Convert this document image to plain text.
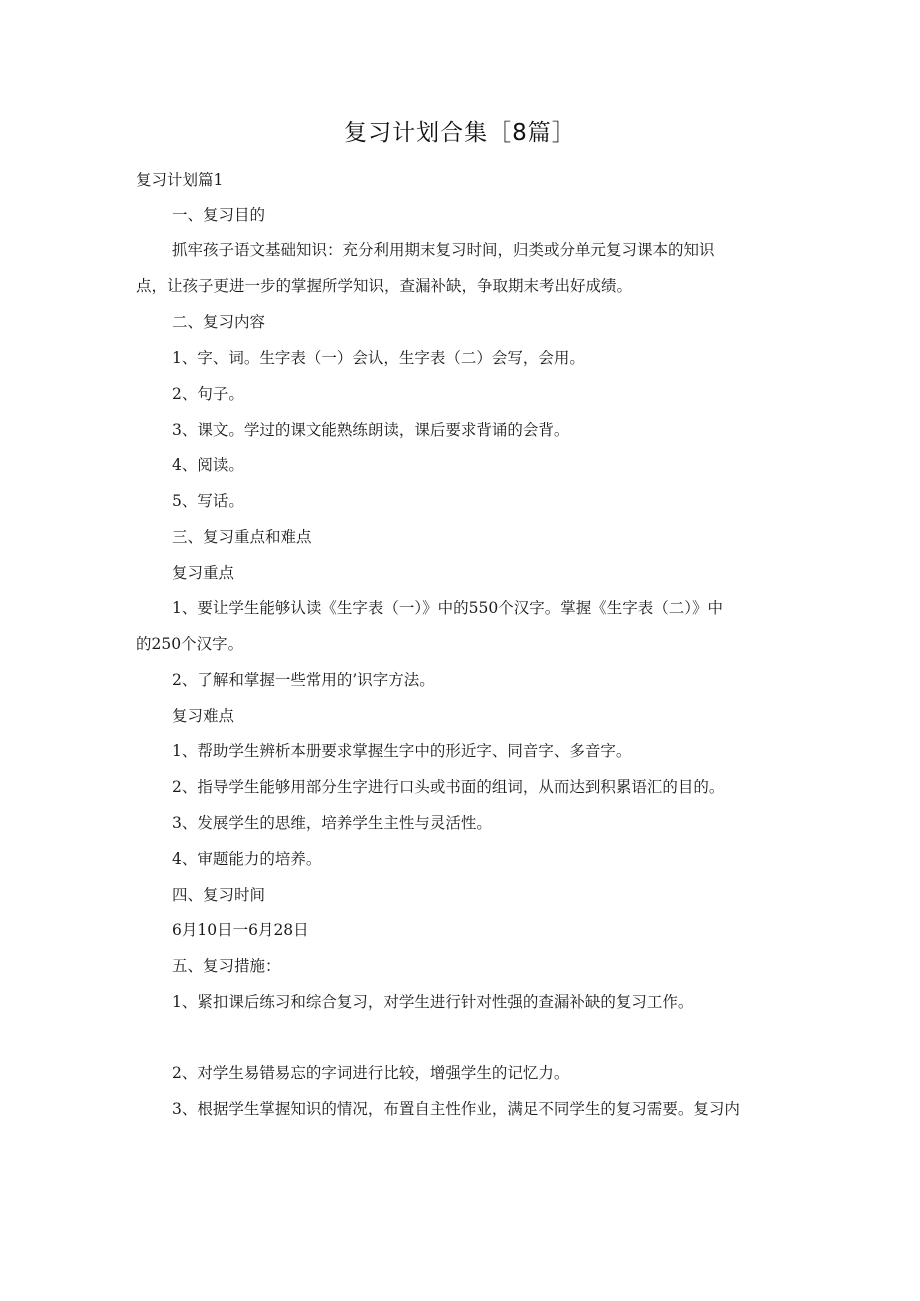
复习计划合集［8篇］
复习计划篇1
一、复习目的
抓牢孩子语文基础知识：充分利用期末复习时间，归类或分单元复习课本的知识
点，让孩子更进一步的掌握所学知识，查漏补缺，争取期末考出好成绩。
二、复习内容
1、字、词。生字表（一）会认，生字表（二）会写，会用。
2、句子。
3、课文。学过的课文能熟练朗读，课后要求背诵的会背。
4、阅读。
5、写话。
三、复习重点和难点
复习重点
1、要让学生能够认读《生字表（一）》中的550个汉字。掌握《生字表（二）》中
的250个汉字。
2、了解和掌握一些常用的’识字方法。
复习难点
1、帮助学生辨析本册要求掌握生字中的形近字、同音字、多音字。
2、指导学生能够用部分生字进行口头或书面的组词，从而达到积累语汇的目的。
3、发展学生的思维，培养学生主性与灵活性。
4、审题能力的培养。
四、复习时间
6月10日一6月28日
五、复习措施：
1、紧扣课后练习和综合复习，对学生进行针对性强的查漏补缺的复习工作。
2、对学生易错易忘的字词进行比较，增强学生的记忆力。
3、根据学生掌握知识的情况，布置自主性作业，满足不同学生的复习需要。复习内
